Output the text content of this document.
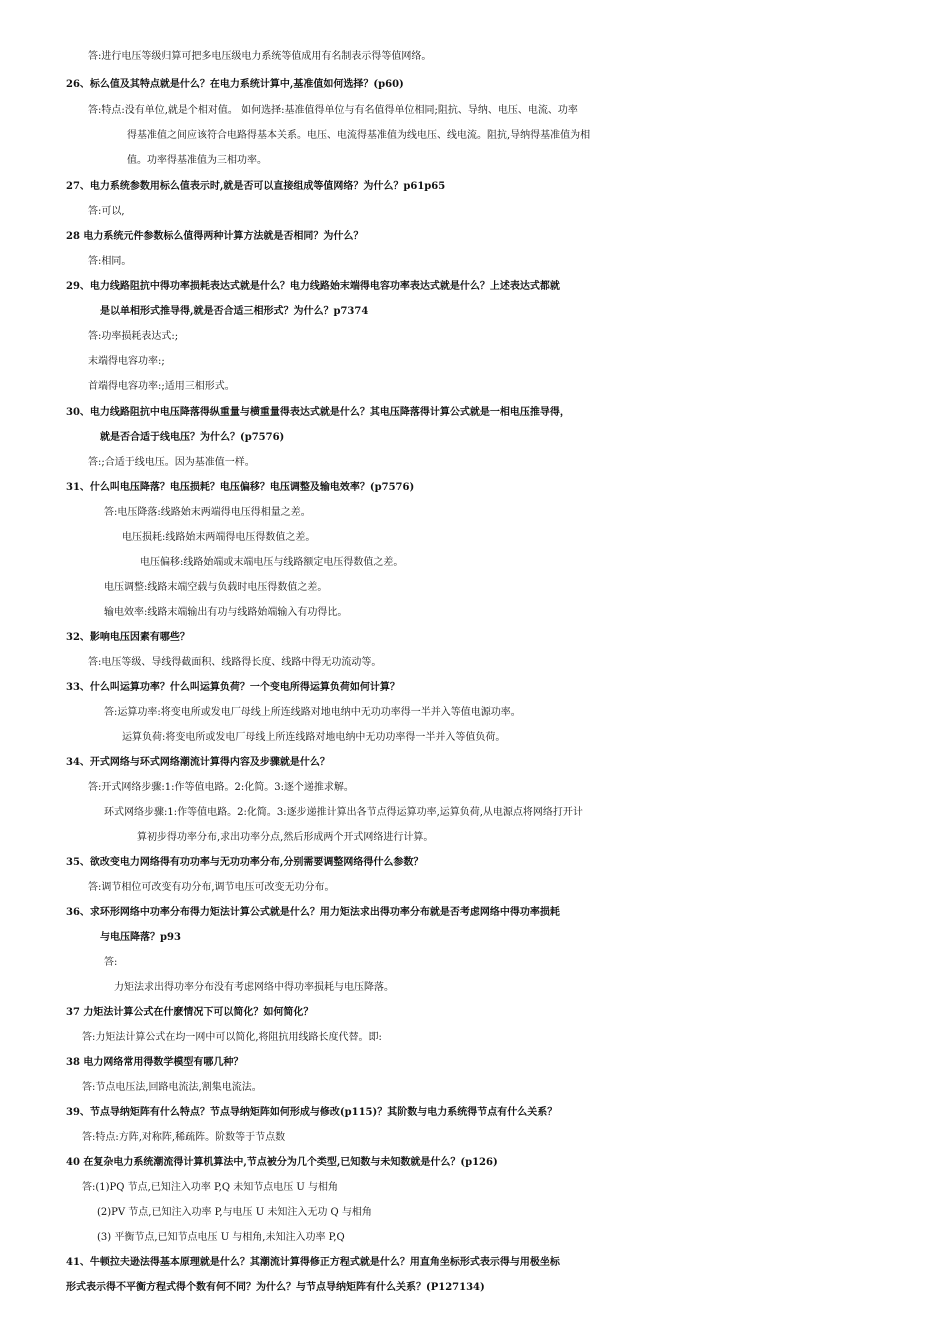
答:进行电压等级归算可把多电压级电力系统等值成用有名制表示得等值网络。
26、标么值及其特点就是什么？在电力系统计算中,基准值如何选择？(p60)
答:特点:没有单位,就是个相对值。 如何选择:基准值得单位与有名值得单位相同;阻抗、导纳、电压、电流、功率
得基准值之间应该符合电路得基本关系。电压、电流得基准值为线电压、线电流。阻抗,导纳得基准值为相
值。功率得基准值为三相功率。
27、电力系统参数用标么值表示时,就是否可以直接组成等值网络？为什么？p61p65
答:可以,
28 电力系统元件参数标么值得两种计算方法就是否相同？为什么？
答:相同。
29、电力线路阻抗中得功率损耗表达式就是什么？电力线路始末端得电容功率表达式就是什么？上述表达式都就
是以单相形式推导得,就是否合适三相形式？为什么？p7374
答:功率损耗表达式:;
末端得电容功率:;
首端得电容功率:;适用三相形式。
30、电力线路阻抗中电压降落得纵重量与横重量得表达式就是什么？其电压降落得计算公式就是一相电压推导得，
就是否合适于线电压？为什么？(p7576)
答:;合适于线电压。因为基准值一样。
31、什么叫电压降落？电压损耗？电压偏移？电压调整及输电效率？(p7576)
答:电压降落:线路始末两端得电压得相量之差。
电压损耗:线路始末两端得电压得数值之差。
电压偏移:线路始端或末端电压与线路额定电压得数值之差。
电压调整:线路末端空载与负载时电压得数值之差。
输电效率:线路末端输出有功与线路始端输入有功得比。
32、影响电压因素有哪些？
答:电压等级、导线得截面积、线路得长度、线路中得无功流动等。
33、什么叫运算功率？什么叫运算负荷？一个变电所得运算负荷如何计算？
答:运算功率:将变电所或发电厂母线上所连线路对地电纳中无功功率得一半并入等值电源功率。
运算负荷:将变电所或发电厂母线上所连线路对地电纳中无功功率得一半并入等值负荷。
34、开式网络与环式网络潮流计算得内容及步骤就是什么？
答:开式网络步骤:1:作等值电路。2:化简。3:逐个递推求解。
环式网络步骤:1:作等值电路。2:化简。3:逐步递推计算出各节点得运算功率,运算负荷,从电源点将网络打开计
算初步得功率分布,求出功率分点,然后形成两个开式网络进行计算。
35、欲改变电力网络得有功功率与无功功率分布,分别需要调整网络得什么参数？
答:调节相位可改变有功分布,调节电压可改变无功分布。
36、求环形网络中功率分布得力矩法计算公式就是什么？用力矩法求出得功率分布就是否考虑网络中得功率损耗
与电压降落？p93
答:
力矩法求出得功率分布没有考虑网络中得功率损耗与电压降落。
37 力矩法计算公式在什麽情况下可以简化？如何简化？
答:力矩法计算公式在均一网中可以简化,将阻抗用线路长度代替。即:
38 电力网络常用得数学模型有哪几种？
答:节点电压法,回路电流法,割集电流法。
39、节点导纳矩阵有什么特点？节点导纳矩阵如何形成与修改(p115)？其阶数与电力系统得节点有什么关系？
答:特点:方阵,对称阵,稀疏阵。阶数等于节点数
40 在复杂电力系统潮流得计算机算法中,节点被分为几个类型,已知数与未知数就是什么？(p126)
答:(1)PQ 节点,已知注入功率 P,Q 未知节点电压 U 与相角
(2)PV 节点,已知注入功率 P,与电压 U 未知注入无功 Q 与相角
(3) 平衡节点,已知节点电压 U 与相角,未知注入功率 P,Q
41、牛顿拉夫逊法得基本原理就是什么？其潮流计算得修正方程式就是什么？用直角坐标形式表示得与用极坐标
形式表示得不平衡方程式得个数有何不同？为什么？与节点导纳矩阵有什么关系？(P127134)
